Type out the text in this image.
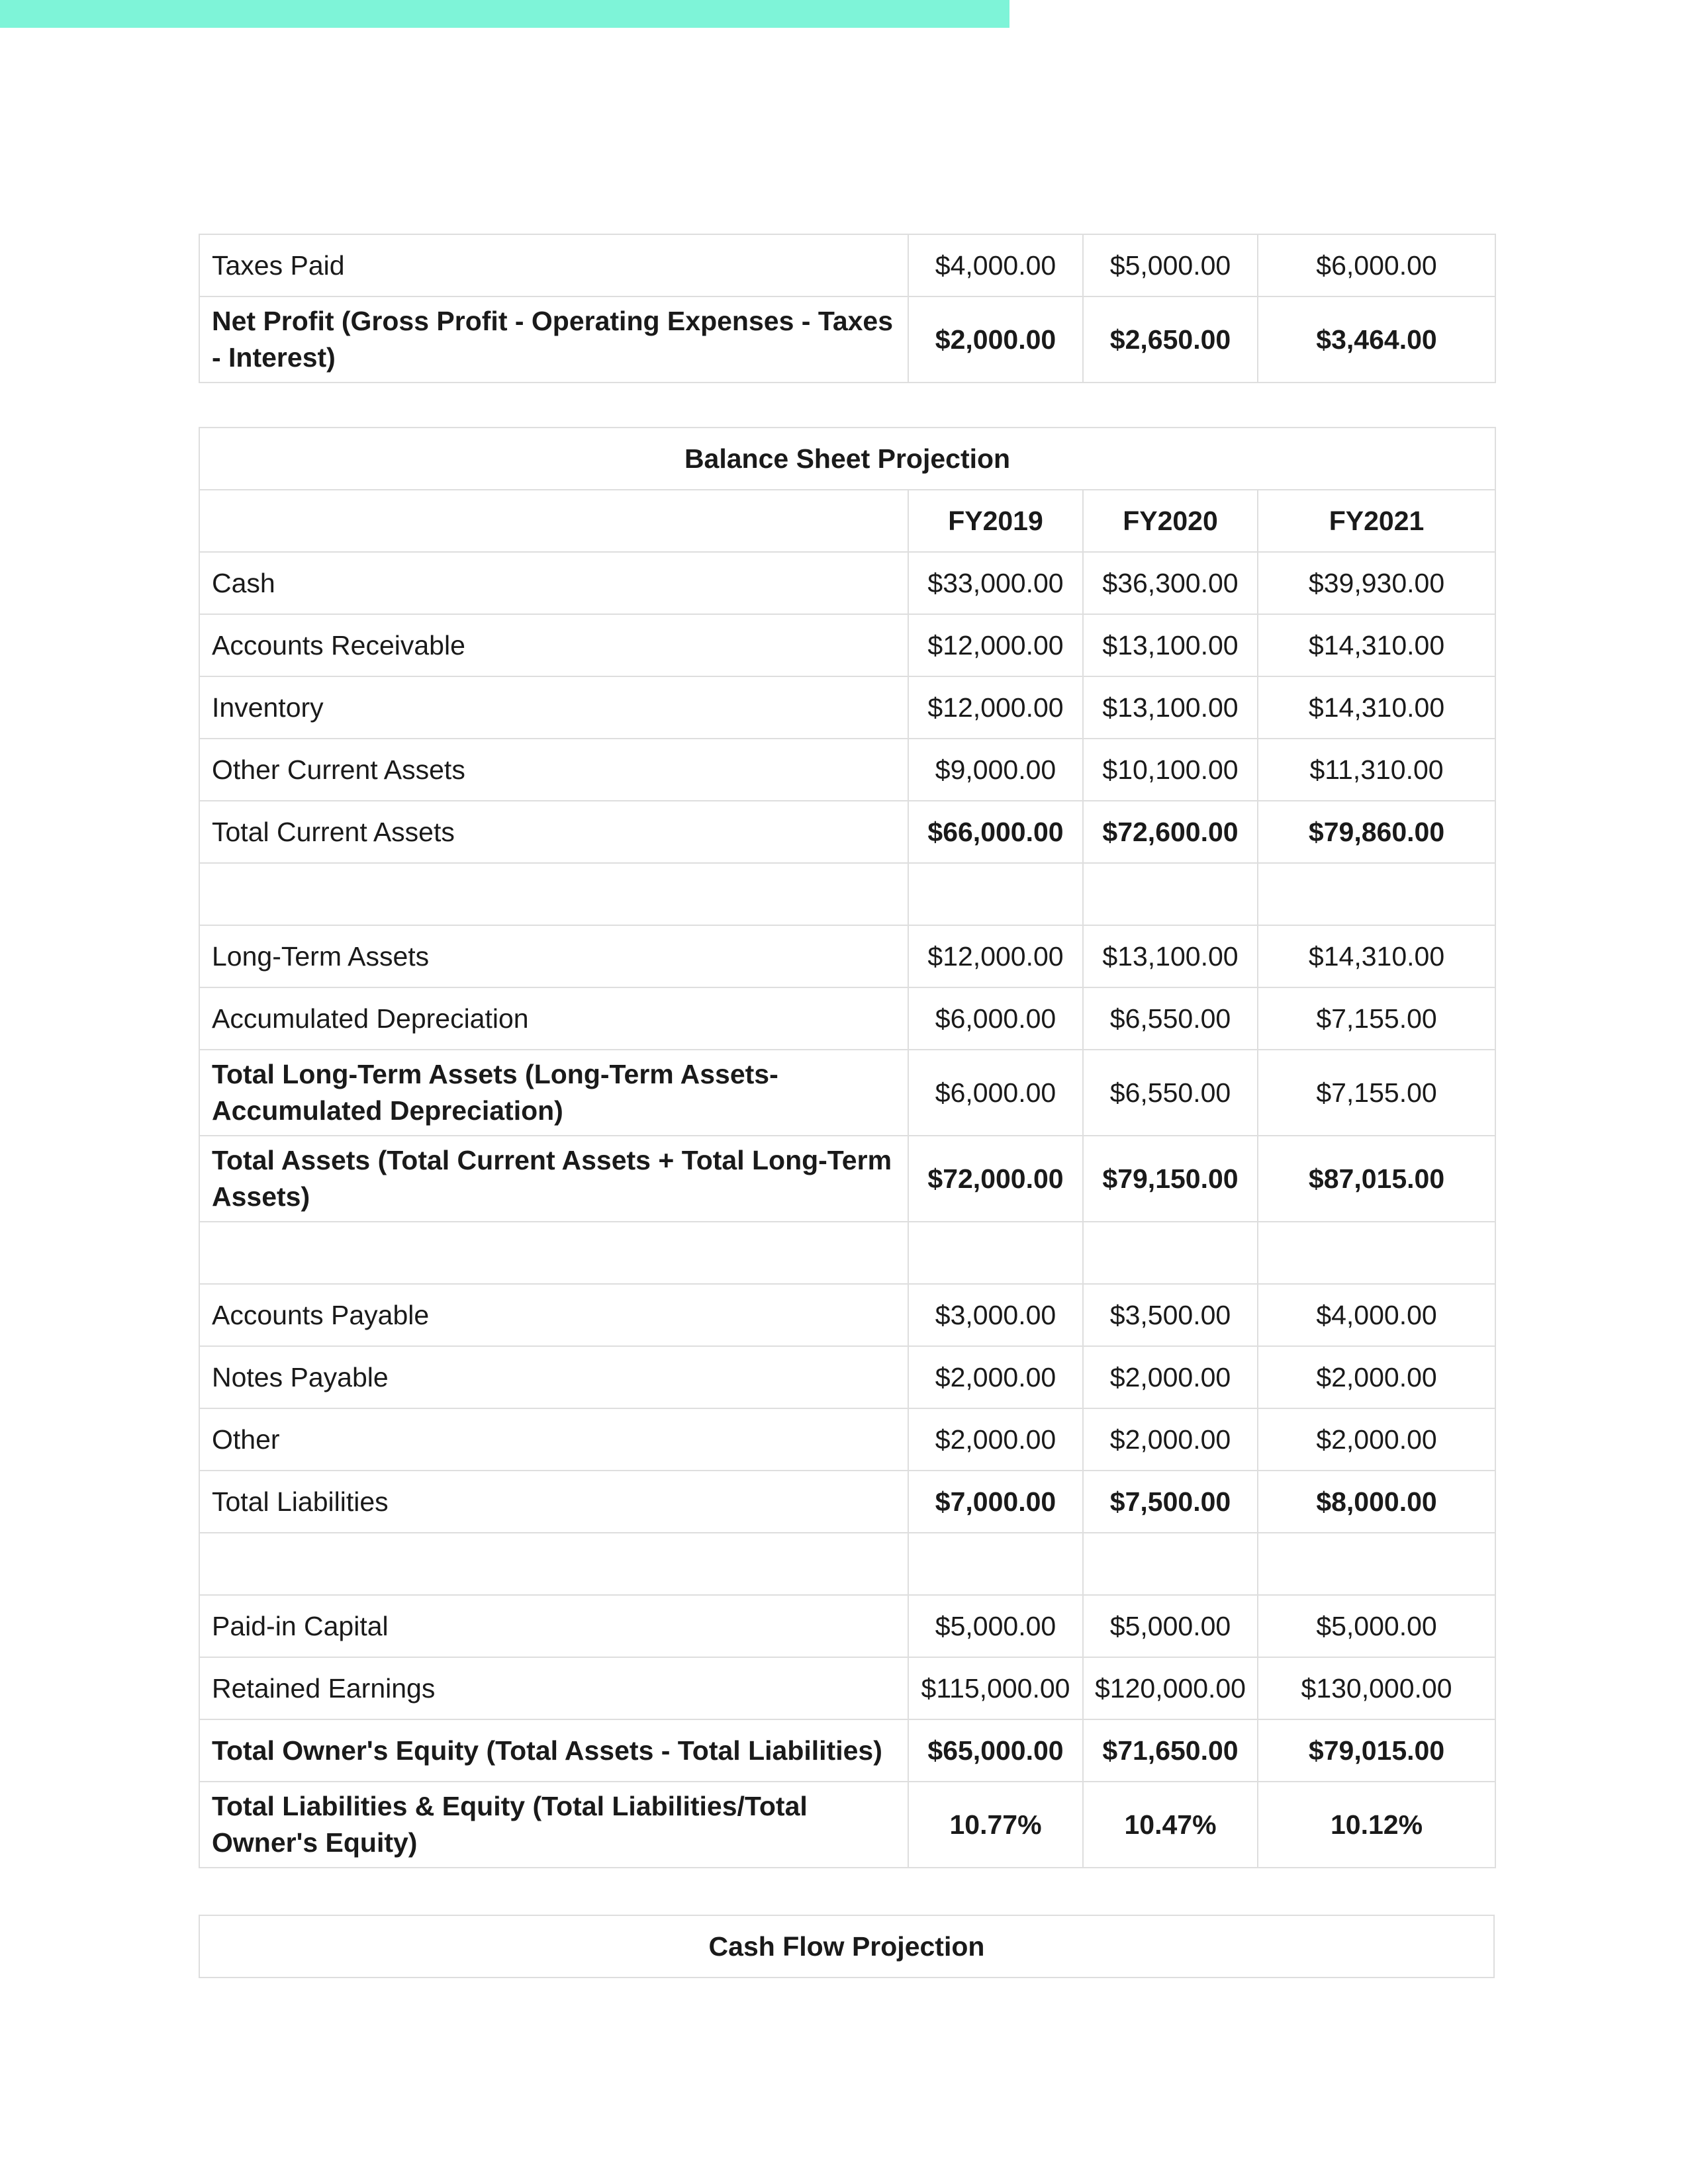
Taxes Paid	$4,000.00	$5,000.00	$6,000.00
Net Profit (Gross Profit - Operating Expenses - Taxes - Interest)	$2,000.00	$2,650.00	$3,464.00
Balance Sheet Projection			
	FY2019	FY2020	FY2021
Cash	$33,000.00	$36,300.00	$39,930.00
Accounts Receivable	$12,000.00	$13,100.00	$14,310.00
Inventory	$12,000.00	$13,100.00	$14,310.00
Other Current Assets	$9,000.00	$10,100.00	$11,310.00
Total Current Assets	$66,000.00	$72,600.00	$79,860.00

Long-Term Assets	$12,000.00	$13,100.00	$14,310.00
Accumulated Depreciation	$6,000.00	$6,550.00	$7,155.00
Total Long-Term Assets (Long-Term Assets-Accumulated Depreciation)	$6,000.00	$6,550.00	$7,155.00
Total Assets (Total Current Assets + Total Long-Term Assets)	$72,000.00	$79,150.00	$87,015.00

Accounts Payable	$3,000.00	$3,500.00	$4,000.00
Notes Payable	$2,000.00	$2,000.00	$2,000.00
Other	$2,000.00	$2,000.00	$2,000.00
Total Liabilities	$7,000.00	$7,500.00	$8,000.00

Paid-in Capital	$5,000.00	$5,000.00	$5,000.00
Retained Earnings	$115,000.00	$120,000.00	$130,000.00
Total Owner's Equity (Total Assets - Total Liabilities)	$65,000.00	$71,650.00	$79,015.00
Total Liabilities & Equity (Total Liabilities/Total Owner's Equity)	10.77%	10.47%	10.12%
Cash Flow Projection
